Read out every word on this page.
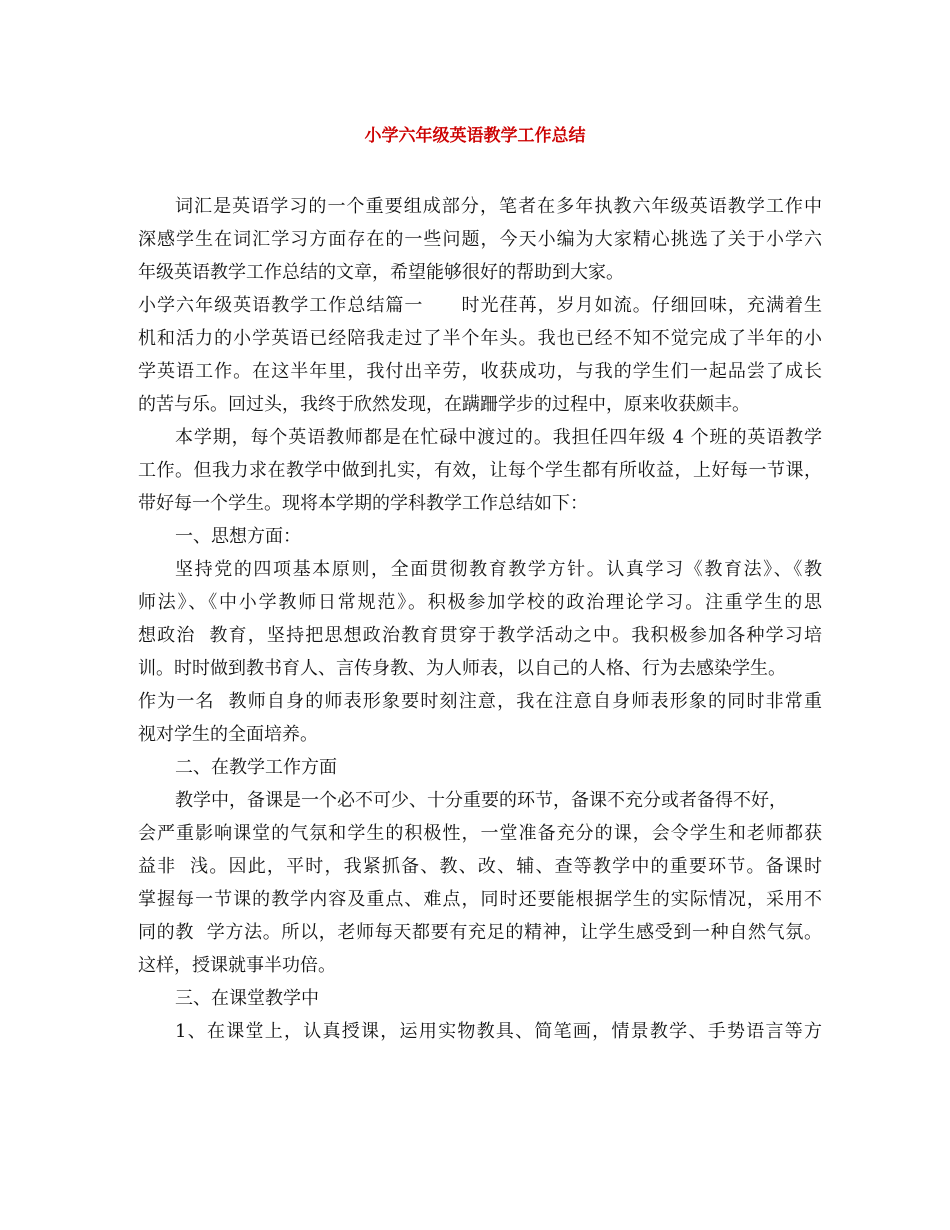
小学六年级英语教学工作总结
词汇是英语学习的一个重要组成部分，笔者在多年执教六年级英语教学工作中
深感学生在词汇学习方面存在的一些问题，今天小编为大家精心挑选了关于小学六
年级英语教学工作总结的文章，希望能够很好的帮助到大家。
小学六年级英语教学工作总结篇一　　时光荏苒，岁月如流。仔细回味，充满着生
机和活力的小学英语已经陪我走过了半个年头。我也已经不知不觉完成了半年的小
学英语工作。在这半年里，我付出辛劳，收获成功，与我的学生们一起品尝了成长
的苦与乐。回过头，我终于欣然发现，在蹒跚学步的过程中，原来收获颇丰。
本学期，每个英语教师都是在忙碌中渡过的。我担任四年级 4 个班的英语教学
工作。但我力求在教学中做到扎实，有效，让每个学生都有所收益，上好每一节课，
带好每一个学生。现将本学期的学科教学工作总结如下：
一、思想方面：
坚持党的四项基本原则，全面贯彻教育教学方针。认真学习《教育法》、《教
师法》、《中小学教师日常规范》。积极参加学校的政治理论学习。注重学生的思
想政治  教育，坚持把思想政治教育贯穿于教学活动之中。我积极参加各种学习培
训。时时做到教书育人、言传身教、为人师表，以自己的人格、行为去感染学生。
作为一名  教师自身的师表形象要时刻注意，我在注意自身师表形象的同时非常重
视对学生的全面培养。
二、在教学工作方面
教学中，备课是一个必不可少、十分重要的环节，备课不充分或者备得不好，
会严重影响课堂的气氛和学生的积极性，一堂准备充分的课，会令学生和老师都获
益非  浅。因此，平时，我紧抓备、教、改、辅、查等教学中的重要环节。备课时
掌握每一节课的教学内容及重点、难点，同时还要能根据学生的实际情况，采用不
同的教  学方法。所以，老师每天都要有充足的精神，让学生感受到一种自然气氛。
这样，授课就事半功倍。
三、在课堂教学中
1、在课堂上，认真授课，运用实物教具、简笔画，情景教学、手势语言等方
